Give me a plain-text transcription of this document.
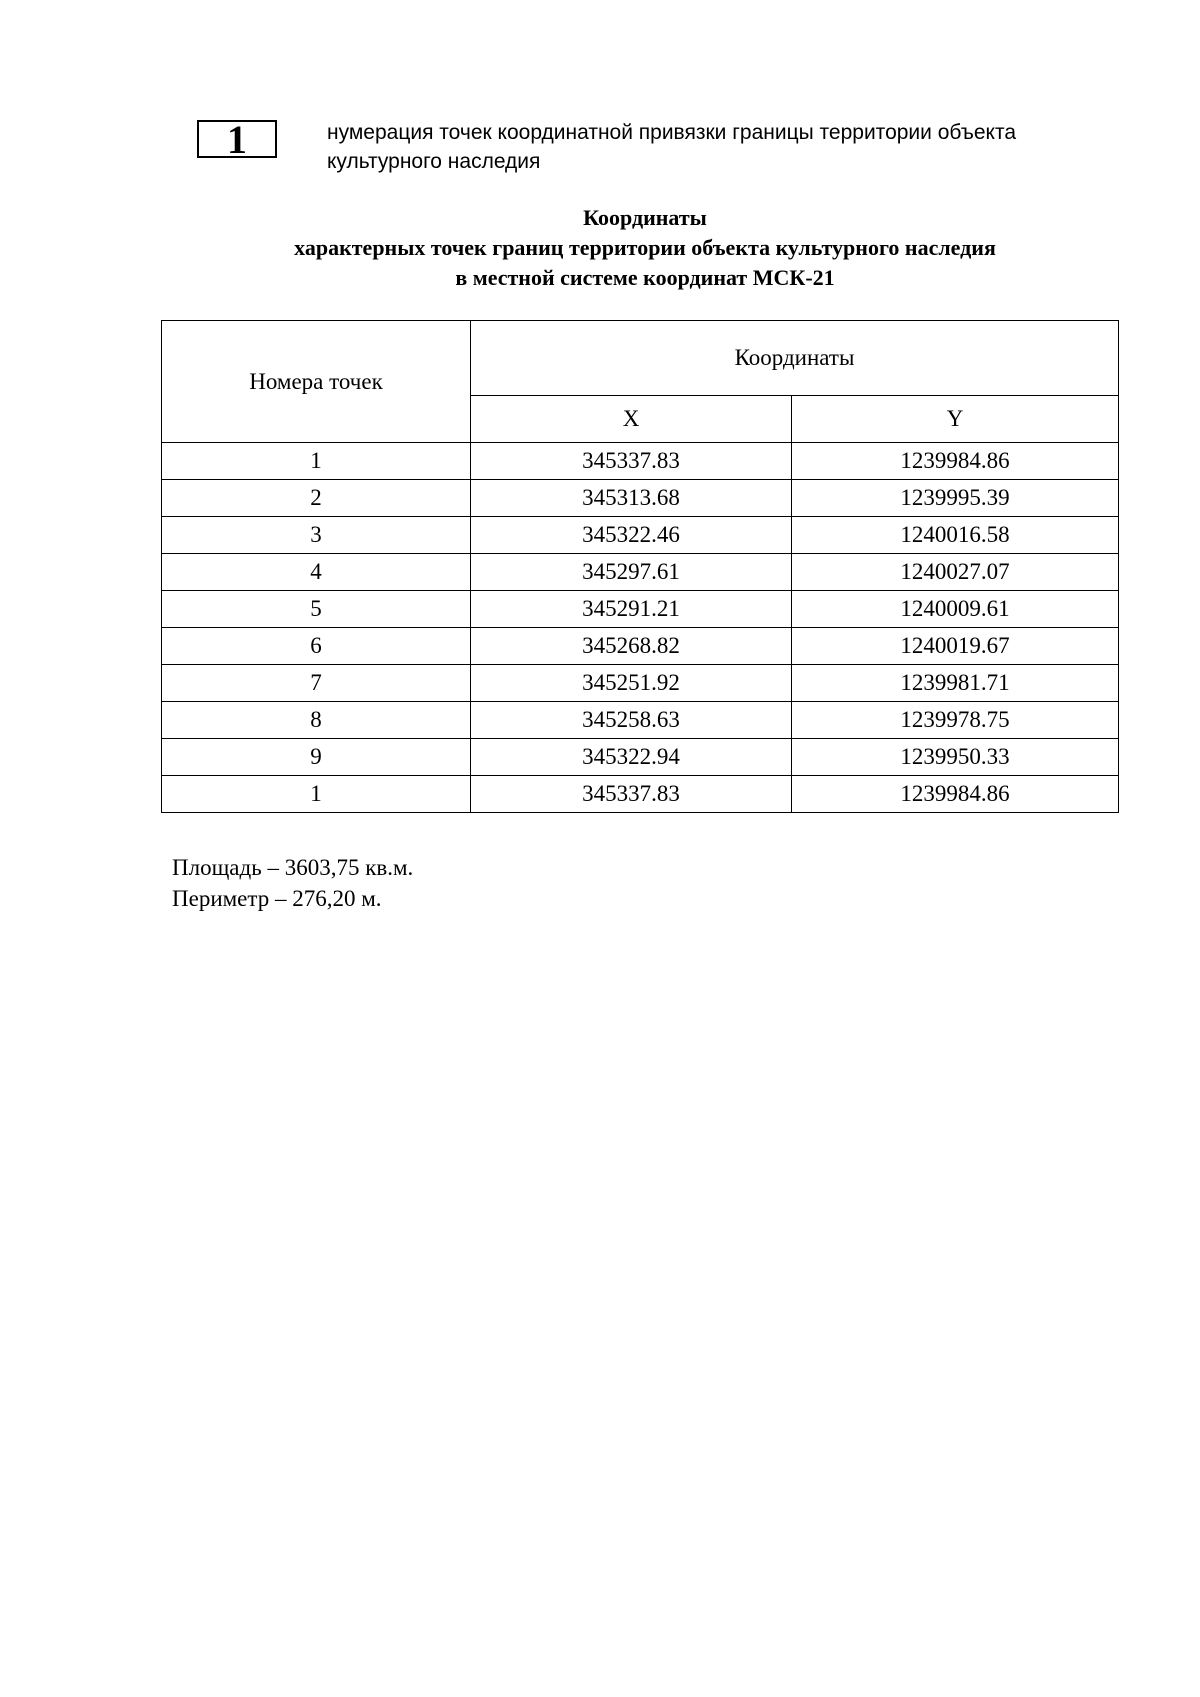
1	нумерация точек координатной привязки границы территории объекта
культурного наследия
Координаты
характерных точек границ территории объекта культурного наследия
в местной системе координат МСК-21
Номера точек	Координаты	
	X	Y
1	345337.83	1239984.86
2	345313.68	1239995.39
3	345322.46	1240016.58
4	345297.61	1240027.07
5	345291.21	1240009.61
6	345268.82	1240019.67
7	345251.92	1239981.71
8	345258.63	1239978.75
9	345322.94	1239950.33
1	345337.83	1239984.86
Площадь – 3603,75 кв.м.
Периметр – 276,20 м.
